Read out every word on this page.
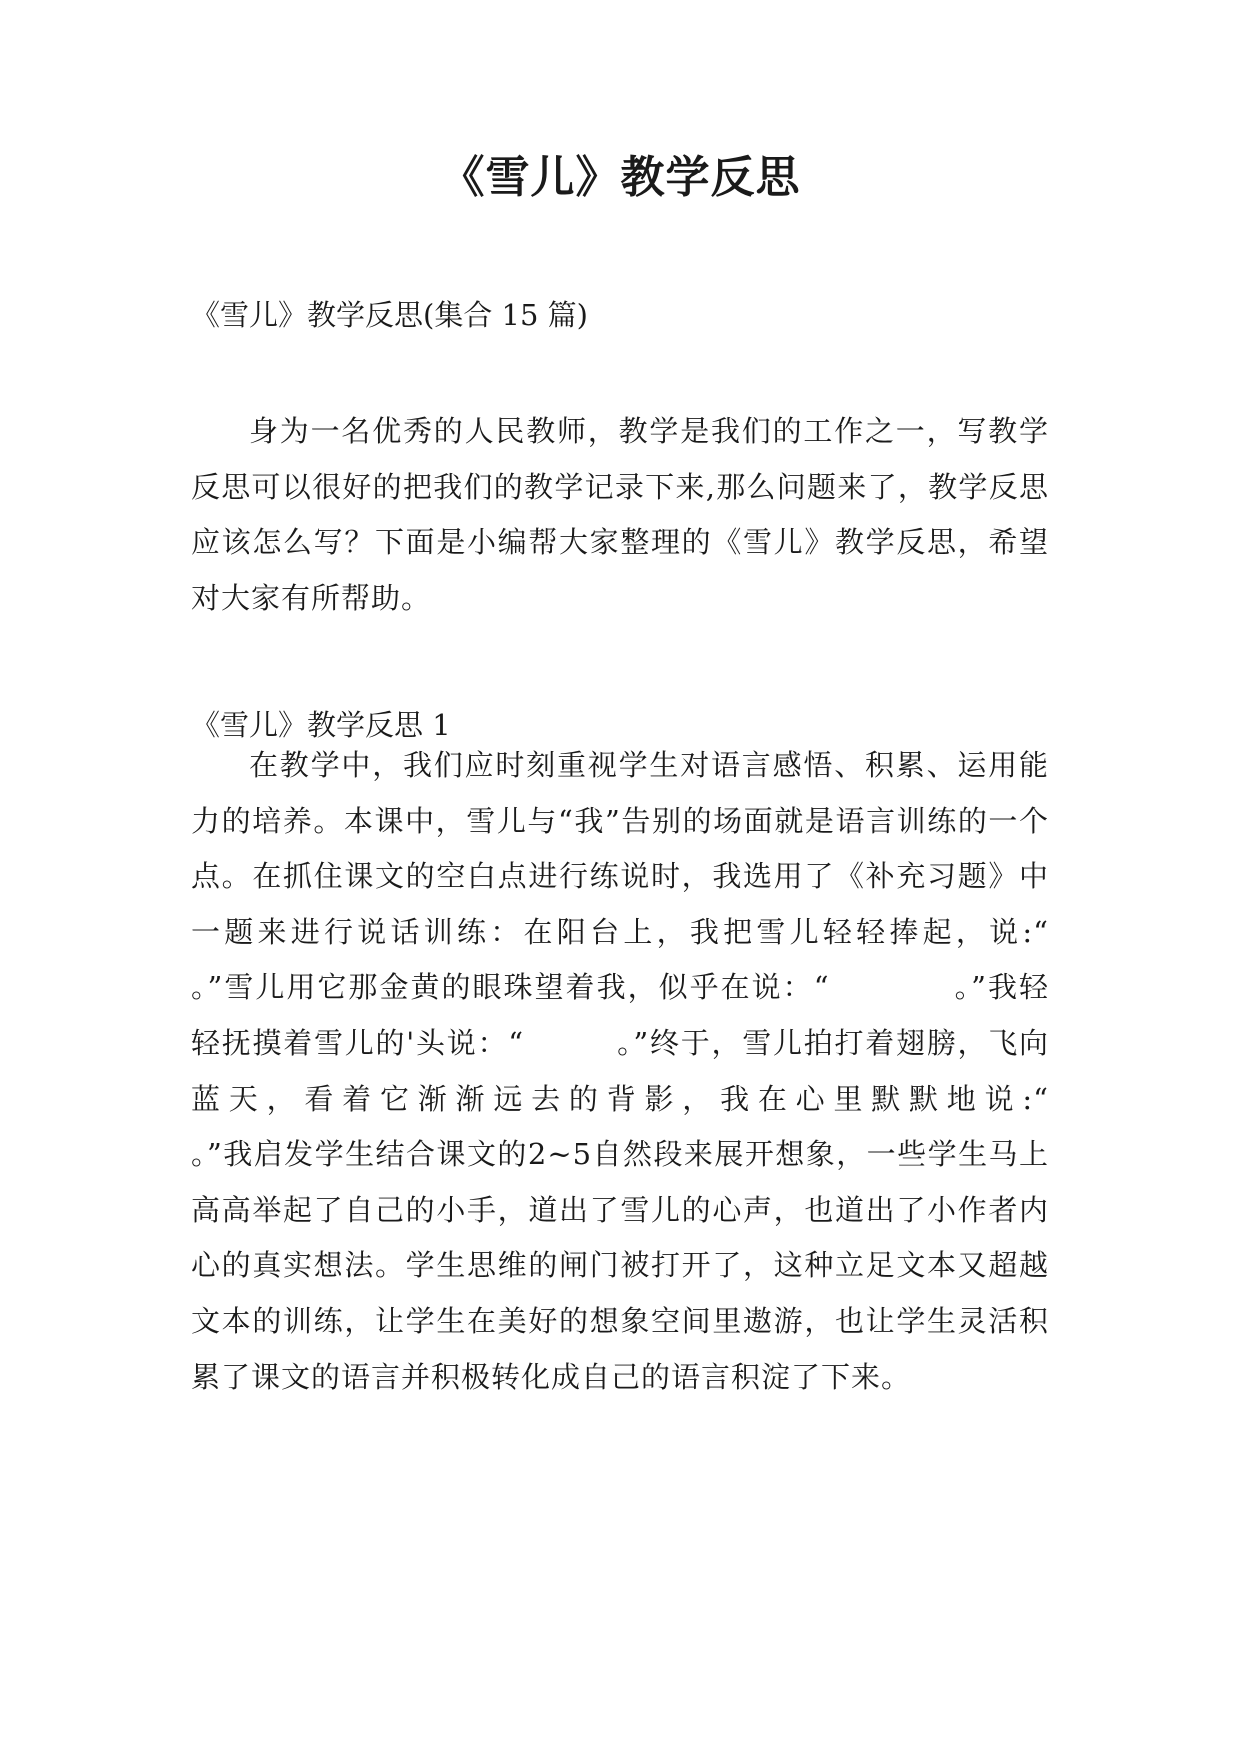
《雪儿》教学反思

《雪儿》教学反思(集合 15 篇)

身为一名优秀的人民教师，教学是我们的工作之一，写教学反思可以很好的把我们的教学记录下来,那么问题来了，教学反思应该怎么写？下面是小编帮大家整理的《雪儿》教学反思，希望对大家有所帮助。

《雪儿》教学反思 1

在教学中，我们应时刻重视学生对语言感悟、积累、运用能力的培养。本课中，雪儿与“我”告别的场面就是语言训练的一个点。在抓住课文的空白点进行练说时，我选用了《补充习题》中一题来进行说话训练：在阳台上，我把雪儿轻轻捧起，说:“　　　　。”雪儿用它那金黄的眼珠望着我，似乎在说：“　　　　。”我轻轻抚摸着雪儿的'头说：“　　　。”终于，雪儿拍打着翅膀，飞向蓝天，看着它渐渐远去的背影，我在心里默默地说:“　　　　。”我启发学生结合课文的2~5自然段来展开想象，一些学生马上高高举起了自己的小手，道出了雪儿的心声，也道出了小作者内心的真实想法。学生思维的闸门被打开了，这种立足文本又超越文本的训练，让学生在美好的想象空间里遨游，也让学生灵活积累了课文的语言并积极转化成自己的语言积淀了下来。
